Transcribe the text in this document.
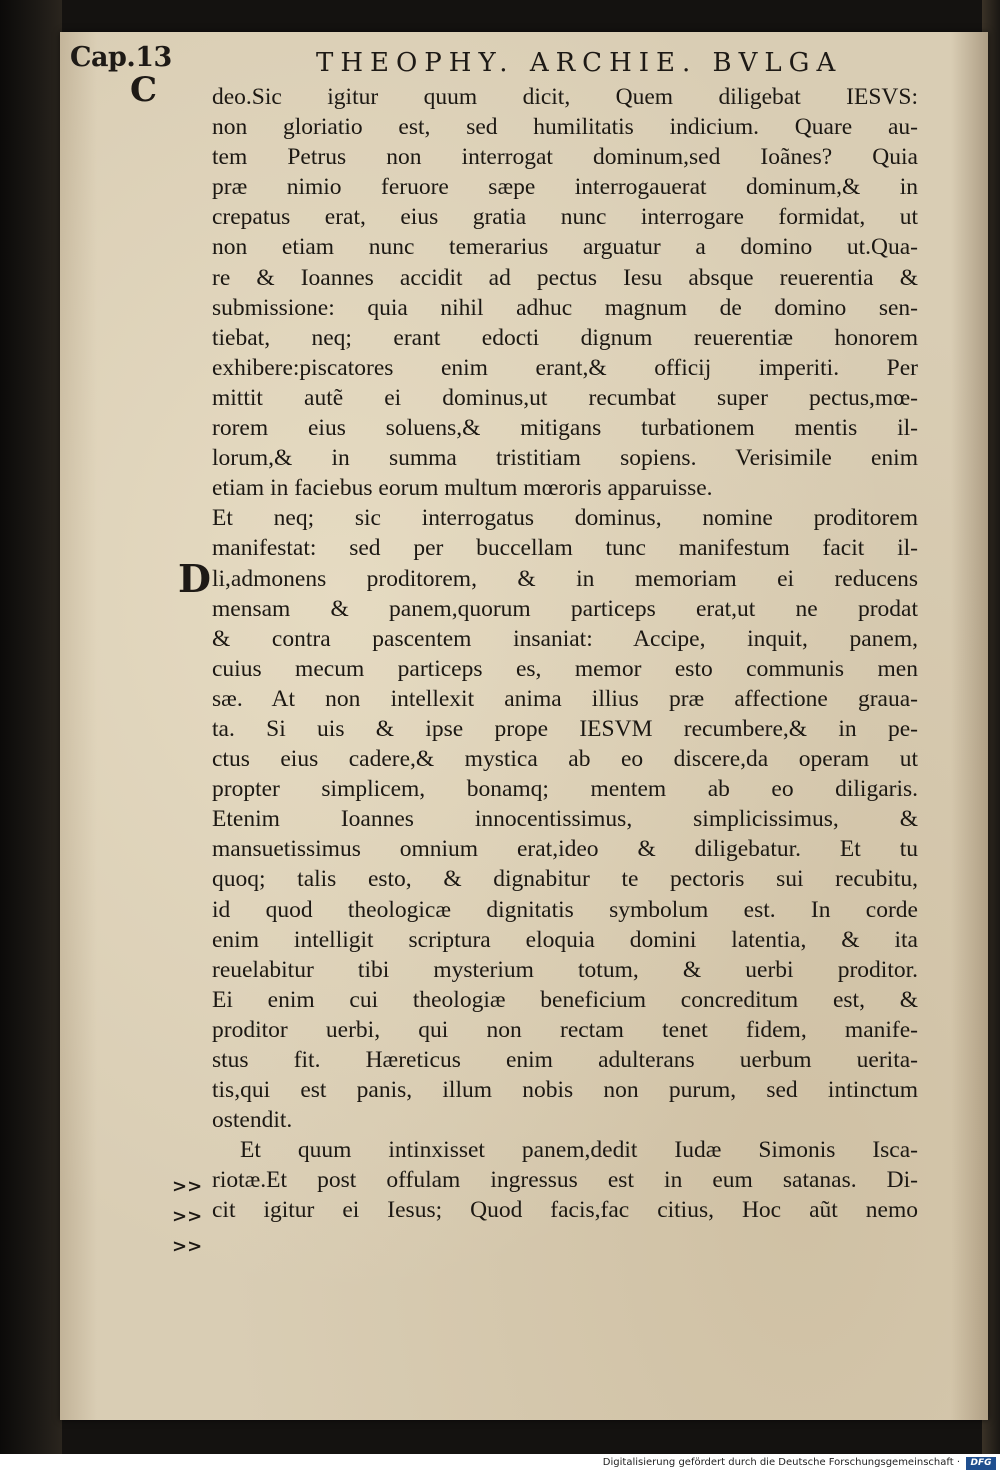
Cap.13	THEOPHY. ARCHIE. BVLGA
C
D
deo.Sic igitur quum dicit, Quem diligebat IESVS:
non gloriatio est, sed humilitatis indicium. Quare au-
tem Petrus non interrogat dominum,sed Ioãnes? Quia
præ nimio feruore sæpe interrogauerat dominum,& in
crepatus erat, eius gratia nunc interrogare formidat, ut
non etiam nunc temerarius arguatur a domino ut.Qua-
re & Ioannes accidit ad pectus Iesu absque reuerentia &
submissione: quia nihil adhuc magnum de domino sen-
tiebat, neq; erant edocti dignum reuerentiæ honorem
exhibere:piscatores enim erant,& officij imperiti. Per
mittit autẽ ei dominus,ut recumbat super pectus,mœ-
rorem eius soluens,& mitigans turbationem mentis il-
lorum,& in summa tristitiam sopiens. Verisimile enim
etiam in faciebus eorum multum mœroris apparuisse.
Et neq; sic interrogatus dominus, nomine proditorem
manifestat: sed per buccellam tunc manifestum facit il-
li,admonens proditorem, & in memoriam ei reducens
mensam & panem,quorum particeps erat,ut ne prodat
& contra pascentem insaniat: Accipe, inquit, panem,
cuius mecum particeps es, memor esto communis men
sæ. At non intellexit anima illius præ affectione graua-
ta. Si uis & ipse prope IESVM recumbere,& in pe-
ctus eius cadere,& mystica ab eo discere,da operam ut
propter simplicem, bonamq; mentem ab eo diligaris.
Etenim Ioannes innocentissimus, simplicissimus, &
mansuetissimus omnium erat,ideo & diligebatur. Et tu
quoq; talis esto, & dignabitur te pectoris sui recubitu,
id quod theologicæ dignitatis symbolum est. In corde
enim intelligit scriptura eloquia domini latentia, & ita
reuelabitur tibi mysterium totum, & uerbi proditor.
Ei enim cui theologiæ beneficium concreditum est, &
proditor uerbi, qui non rectam tenet fidem, manife-
stus fit. Hæreticus enim adulterans uerbum ueritа-
tis,qui est panis, illum nobis non purum, sed intinctum
ostendit.
Et quum intinxisset panem,dedit Iudæ Simonis Isca-
riotæ.Et post offulam ingressus est in eum satanas. Di-
cit igitur ei Iesus; Quod facis,fac citius, Hoc aũt nemo
>>
>>
>>
Digitalisierung gefördert durch die Deutsche Forschungsgemeinschaft ·	DFG
